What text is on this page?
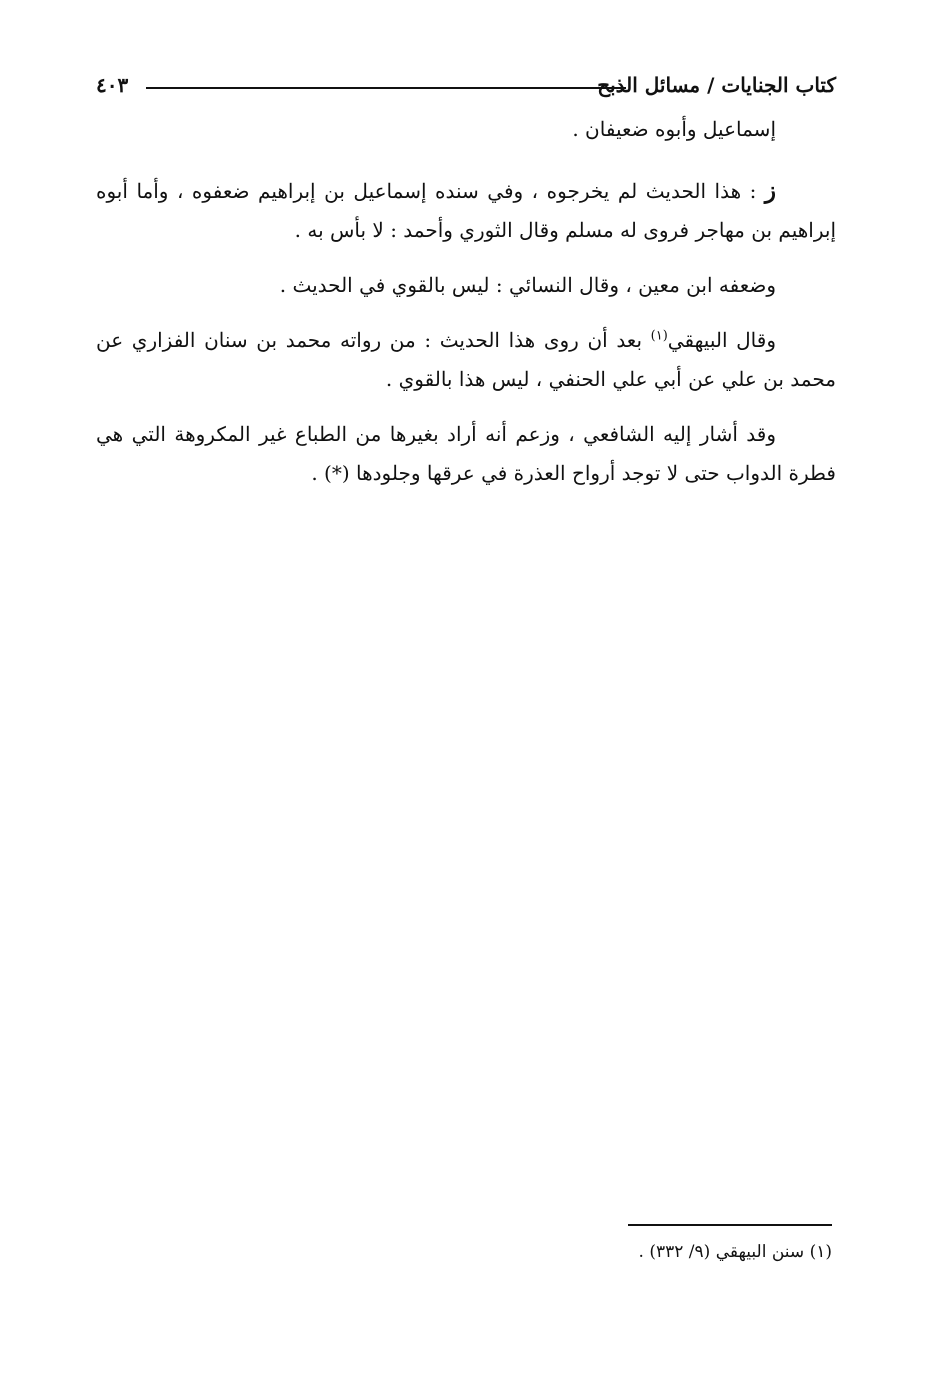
كتاب الجنايات / مسائل الذبح
٤٠٣

إسماعيل وأبوه ضعيفان .

ز : هذا الحديث لم يخرجوه ، وفي سنده إسماعيل بن إبراهيم ضعفوه ، وأما أبوه إبراهيم بن مهاجر فروى له مسلم وقال الثوري وأحمد : لا بأس به .

وضعفه ابن معين ، وقال النسائي : ليس بالقوي في الحديث .

وقال البيهقي$^{(١)}$ بعد أن روى هذا الحديث : من رواته محمد بن سنان الفزاري عن محمد بن علي عن أبي علي الحنفي ، ليس هذا بالقوي .

وقد أشار إليه الشافعي ، وزعم أنه أراد بغيرها من الطباع غير المكروهة التي هي فطرة الدواب حتى لا توجد أرواح العذرة في عرقها وجلودها (*) .

(١) سنن البيهقي (٩/ ٣٣٢) .
